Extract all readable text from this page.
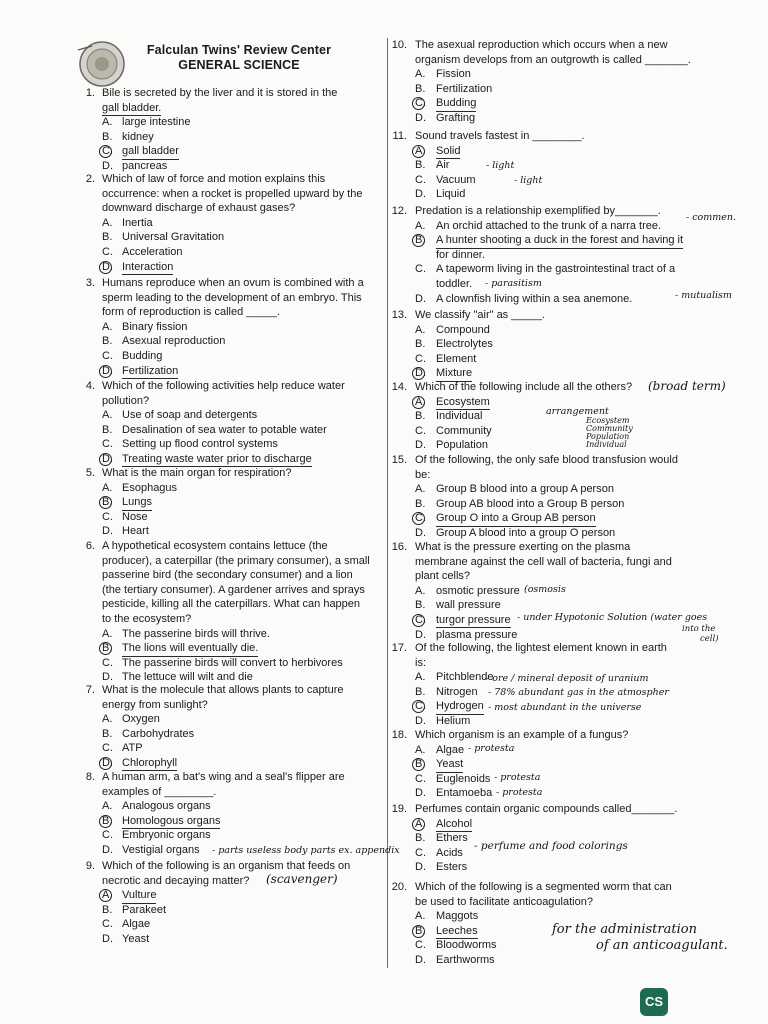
Falculan Twins' Review Center
GENERAL SCIENCE
1. Bile is secreted by the liver and it is stored in the
gall bladder.
A. large intestine
B. kidney
C. gall bladder
D. pancreas
2. Which of law of force and motion explains this
occurrence: when a rocket is propelled upward by the
downward discharge of exhaust gases?
A. Inertia
B. Universal Gravitation
C. Acceleration
D. Interaction
3. Humans reproduce when an ovum is combined with a
sperm leading to the development of an embryo. This
form of reproduction is called _____.
A. Binary fission
B. Asexual reproduction
C. Budding
D. Fertilization
4. Which of the following activities help reduce water
pollution?
A. Use of soap and detergents
B. Desalination of sea water to potable water
C. Setting up flood control systems
D. Treating waste water prior to discharge
5. What is the main organ for respiration?
A. Esophagus
B. Lungs
C. Nose
D. Heart
6. A hypothetical ecosystem contains lettuce (the
producer), a caterpillar (the primary consumer), a small
passerine bird (the secondary consumer) and a lion
(the tertiary consumer). A gardener arrives and sprays
pesticide, killing all the caterpillars. What can happen
to the ecosystem?
A. The passerine birds will thrive.
B. The lions will eventually die.
C. The passerine birds will convert to herbivores
D. The lettuce will wilt and die
7. What is the molecule that allows plants to capture
energy from sunlight?
A. Oxygen
B. Carbohydrates
C. ATP
D. Chlorophyll
8. A human arm, a bat's wing and a seal's flipper are
examples of ________.
A. Analogous organs
B. Homologous organs
C. Embryonic organs
D. Vestigial organs
9. Which of the following is an organism that feeds on
necrotic and decaying matter?
A. Vulture
B. Parakeet
C. Algae
D. Yeast
10. The asexual reproduction which occurs when a new
organism develops from an outgrowth is called _______.
A. Fission
B. Fertilization
C. Budding
D. Grafting
11. Sound travels fastest in ________.
A. Solid
B. Air
C. Vacuum
D. Liquid
12. Predation is a relationship exemplified by_______.
A. An orchid attached to the trunk of a narra tree.
B. A hunter shooting a duck in the forest and having it
for dinner.
C. A tapeworm living in the gastrointestinal tract of a
toddler.
D. A clownfish living within a sea anemone.
13. We classify "air" as _____.
A. Compound
B. Electrolytes
C. Element
D. Mixture
14. Which of the following include all the others?
A. Ecosystem
B. Individual
C. Community
D. Population
15. Of the following, the only safe blood transfusion would
be:
A. Group B blood into a group A person
B. Group AB blood into a Group B person
C. Group O into a Group AB person
D. Group A blood into a group O person
16. What is the pressure exerting on the plasma
membrane against the cell wall of bacteria, fungi and
plant cells?
A. osmotic pressure
B. wall pressure
C. turgor pressure
D. plasma pressure
17. Of the following, the lightest element known in earth
is:
A. Pitchblende
B. Nitrogen
C. Hydrogen
D. Helium
18. Which organism is an example of a fungus?
A. Algae
B. Yeast
C. Euglenoids
D. Entamoeba
19. Perfumes contain organic compounds called_______.
A. Alcohol
B. Ethers
C. Acids
D. Esters
20. Which of the following is a segmented worm that can
be used to facilitate anticoagulation?
A. Maggots
B. Leeches
C. Bloodworms
D. Earthworms
- parts useless body parts ex. appendix
(scavenger)
- light
- light
- commen.
- parasitism
- mutualism
(broad term)
arrangement
Ecosystem
Community
Population
Individual
(osmosis
- under Hypotonic Solution (water goes
into the
cell)
- ore / mineral deposit of uranium
- 78% abundant gas in the atmospher
- most abundant in the universe
- protesta
- protesta
- protesta
- perfume and food colorings
for the administration
of an anticoagulant.
CS
